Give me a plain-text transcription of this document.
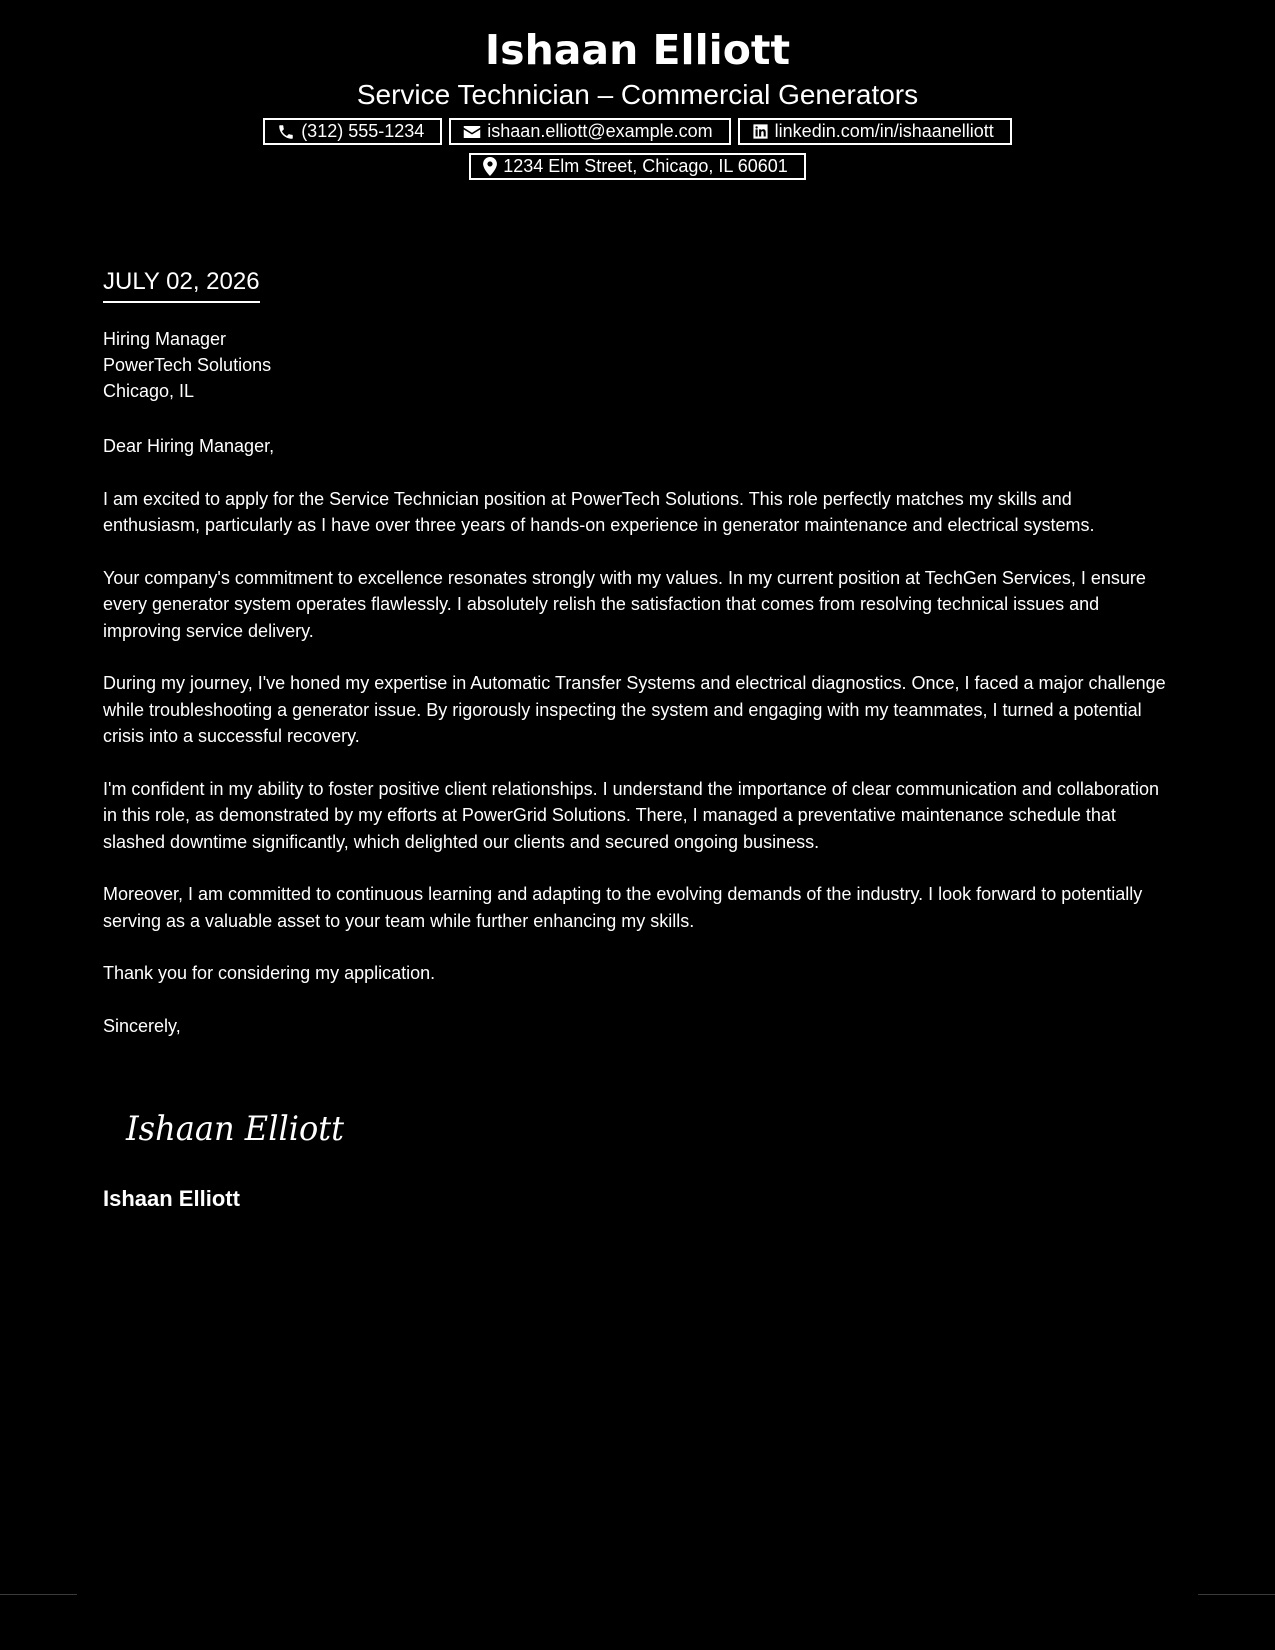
Ishaan Elliott
Service Technician – Commercial Generators
(312) 555-1234	ishaan.elliott@example.com	linkedin.com/in/ishaanelliott
1234 Elm Street, Chicago, IL 60601
JULY 02, 2026
Hiring Manager
PowerTech Solutions
Chicago, IL

Dear Hiring Manager,

I am excited to apply for the Service Technician position at PowerTech Solutions. This role perfectly matches my skills and enthusiasm, particularly as I have over three years of hands-on experience in generator maintenance and electrical systems.

Your company's commitment to excellence resonates strongly with my values. In my current position at TechGen Services, I ensure every generator system operates flawlessly. I absolutely relish the satisfaction that comes from resolving technical issues and improving service delivery.

During my journey, I've honed my expertise in Automatic Transfer Systems and electrical diagnostics. Once, I faced a major challenge while troubleshooting a generator issue. By rigorously inspecting the system and engaging with my teammates, I turned a potential crisis into a successful recovery.

I'm confident in my ability to foster positive client relationships. I understand the importance of clear communication and collaboration in this role, as demonstrated by my efforts at PowerGrid Solutions. There, I managed a preventative maintenance schedule that slashed downtime significantly, which delighted our clients and secured ongoing business.

Moreover, I am committed to continuous learning and adapting to the evolving demands of the industry. I look forward to potentially serving as a valuable asset to your team while further enhancing my skills.

Thank you for considering my application.

Sincerely,

Ishaan Elliott
Ishaan Elliott
